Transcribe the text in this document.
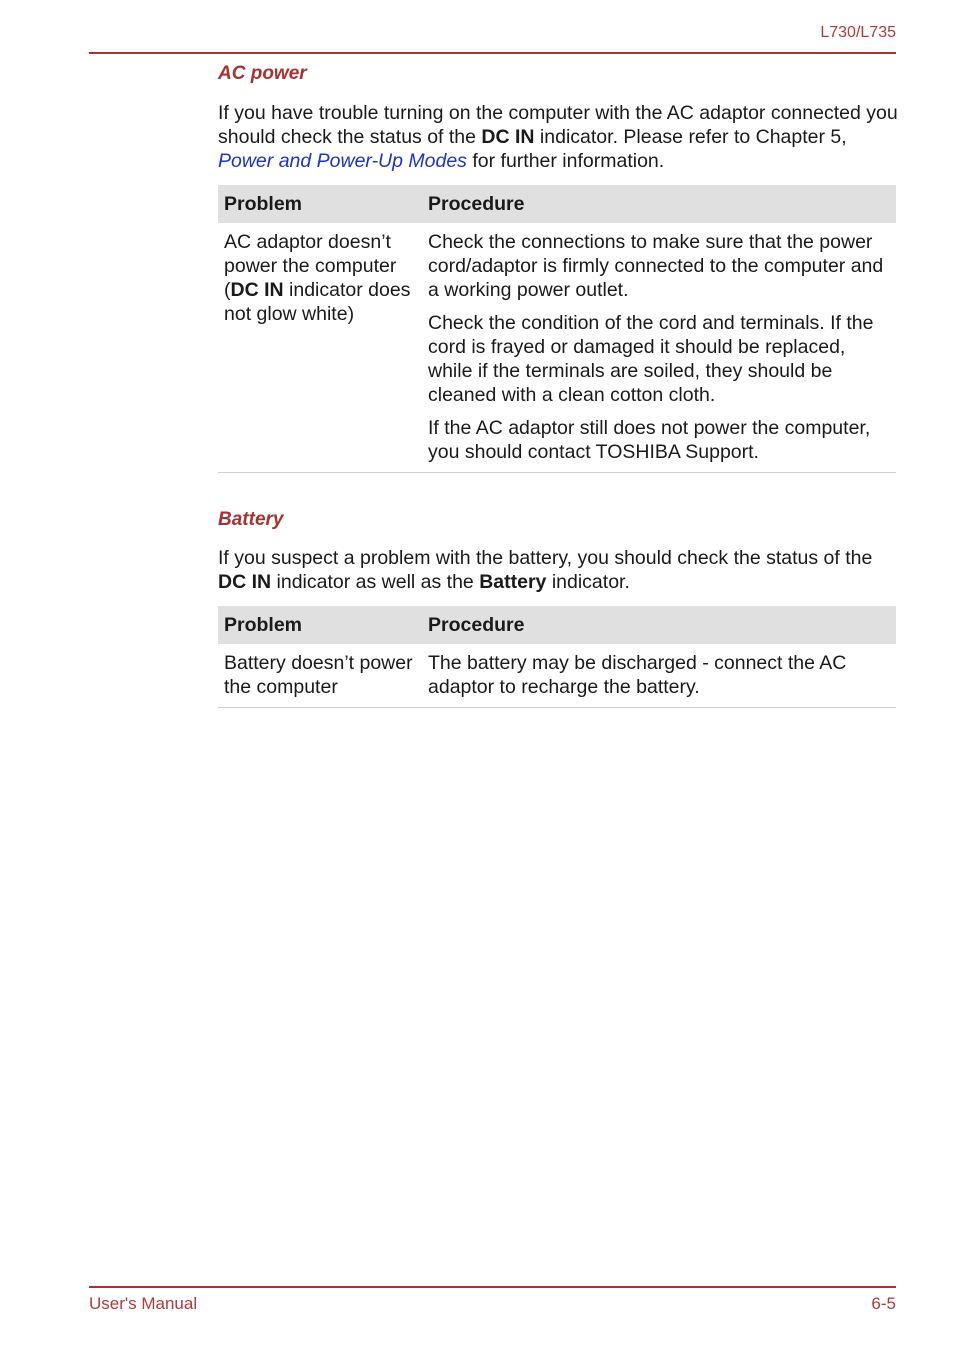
L730/L735
AC power
If you have trouble turning on the computer with the AC adaptor connected you should check the status of the DC IN indicator. Please refer to Chapter 5, Power and Power-Up Modes for further information.
Problem	Procedure
AC adaptor doesn’t power the computer (DC IN indicator does not glow white)	Check the connections to make sure that the power cord/adaptor is firmly connected to the computer and a working power outlet.

Check the condition of the cord and terminals. If the cord is frayed or damaged it should be replaced, while if the terminals are soiled, they should be cleaned with a clean cotton cloth.

If the AC adaptor still does not power the computer, you should contact TOSHIBA Support.

Battery
If you suspect a problem with the battery, you should check the status of the DC IN indicator as well as the Battery indicator.
Problem	Procedure
Battery doesn’t power the computer	The battery may be discharged - connect the AC adaptor to recharge the battery.
User's Manual	6-5
